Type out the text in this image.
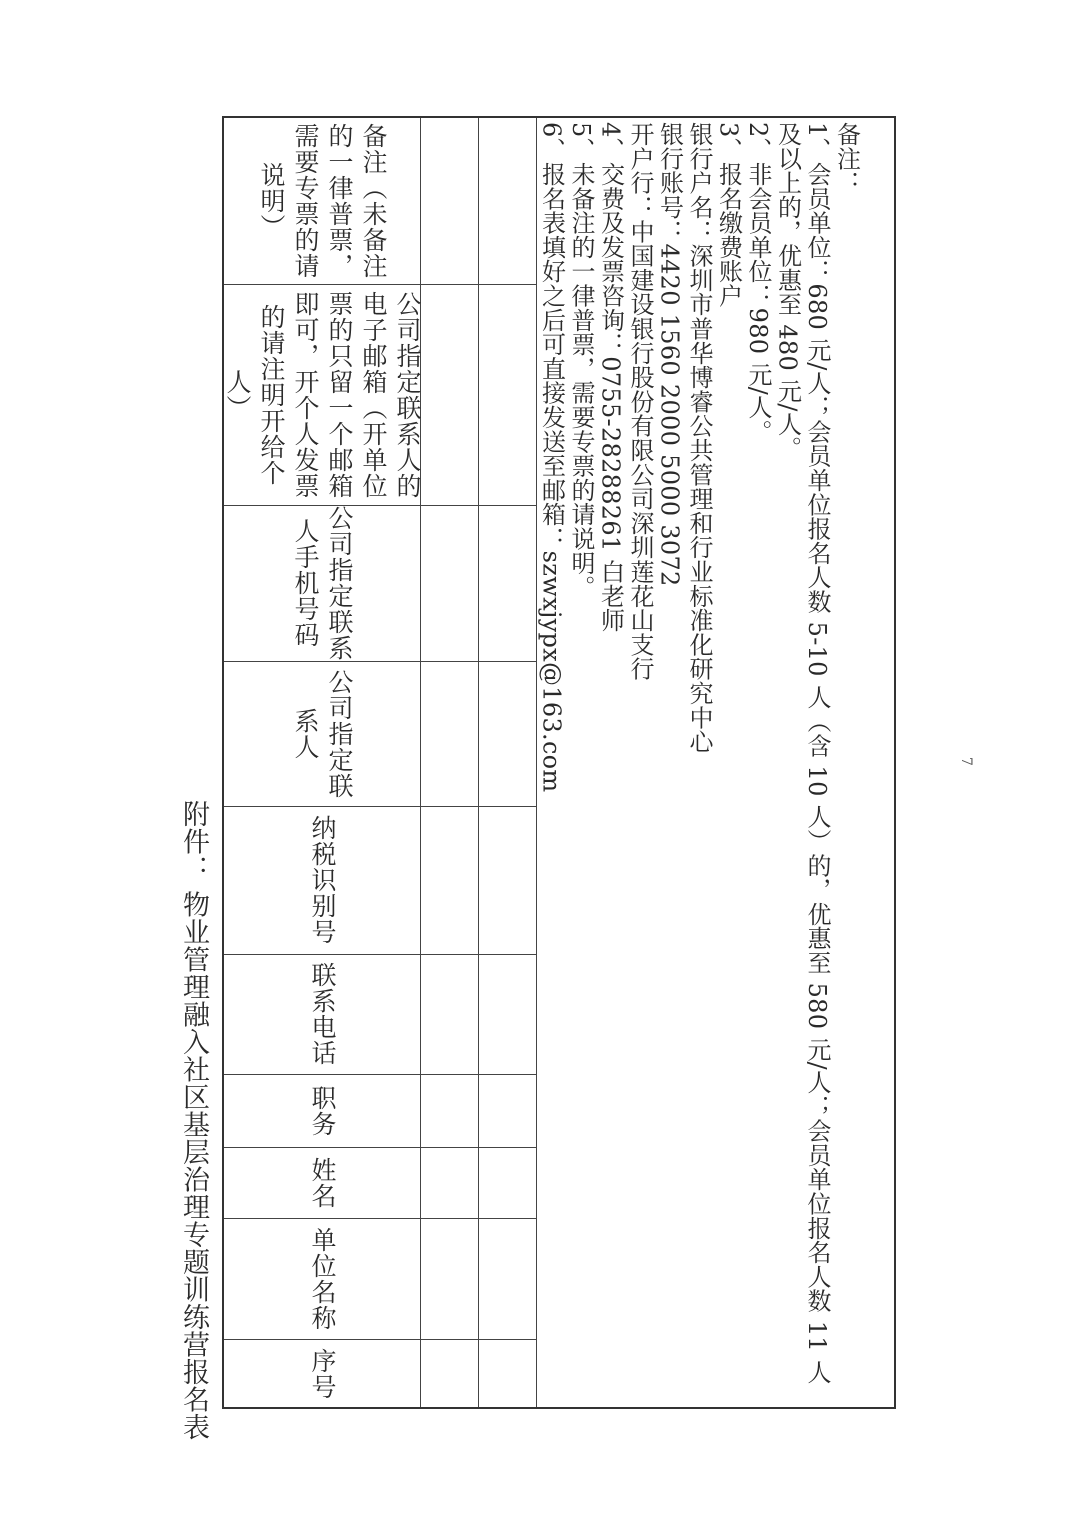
附件：物业管理融入社区基层治理专题训练营报名表
备注（未备注的一律普票，需要专票的请说明）
公司指定联系人的电子邮箱（开单位票的只留一个邮箱即可，开个人发票的请注明开给个人）
公司指定联系人手机号码
公司指定联系人
纳税识别号
联系电话
职务
姓名
单位名称
序号
备注：
1、会员单位：680 元/人；会员单位报名人数 5-10 人（含 10 人）的，优惠至 580 元/人；会员单位报名人数 11 人
及以上的，优惠至 480 元/人。
2、非会员单位：980 元/人。
3、报名缴费账户
银行户名：深圳市普华博睿公共管理和行业标准化研究中心
银行账号：4420 1560 2000 5000 3072
开户行：中国建设银行股份有限公司深圳莲花山支行
4、交费及发票咨询：0755-28288261 白老师
5、未备注的一律普票，需要专票的请说明。
6、报名表填好之后可直接发送至邮箱：szwxjypx@163.com	7
